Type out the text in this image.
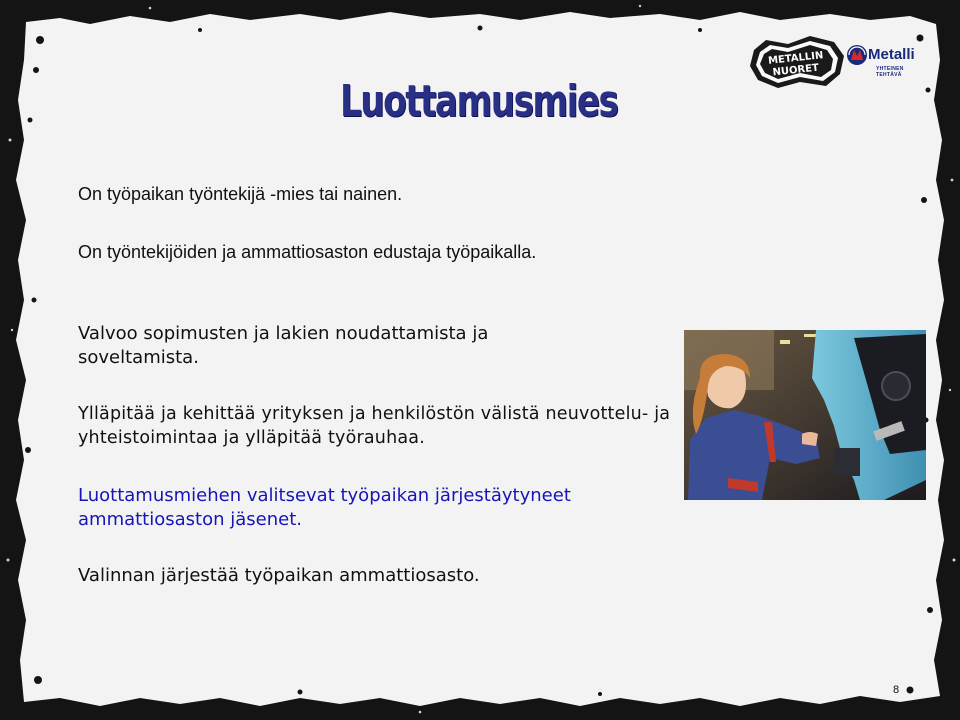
Luottamusmies

On työpaikan työntekijä -mies tai nainen.

On työntekijöiden ja ammattiosaston edustaja työpaikalla.

Valvoo sopimusten ja lakien noudattamista ja soveltamista.

Ylläpitää ja kehittää yrityksen ja henkilöstön välistä neuvottelu- ja yhteistoimintaa ja ylläpitää työrauhaa.

Luottamusmiehen valitsevat työpaikan järjestäytyneet ammattiosaston jäsenet.

Valinnan järjestää työpaikan ammattiosasto.

METALLIN
NUORET
Metalli
YHTEINEN TEHTÄVÄ
8
